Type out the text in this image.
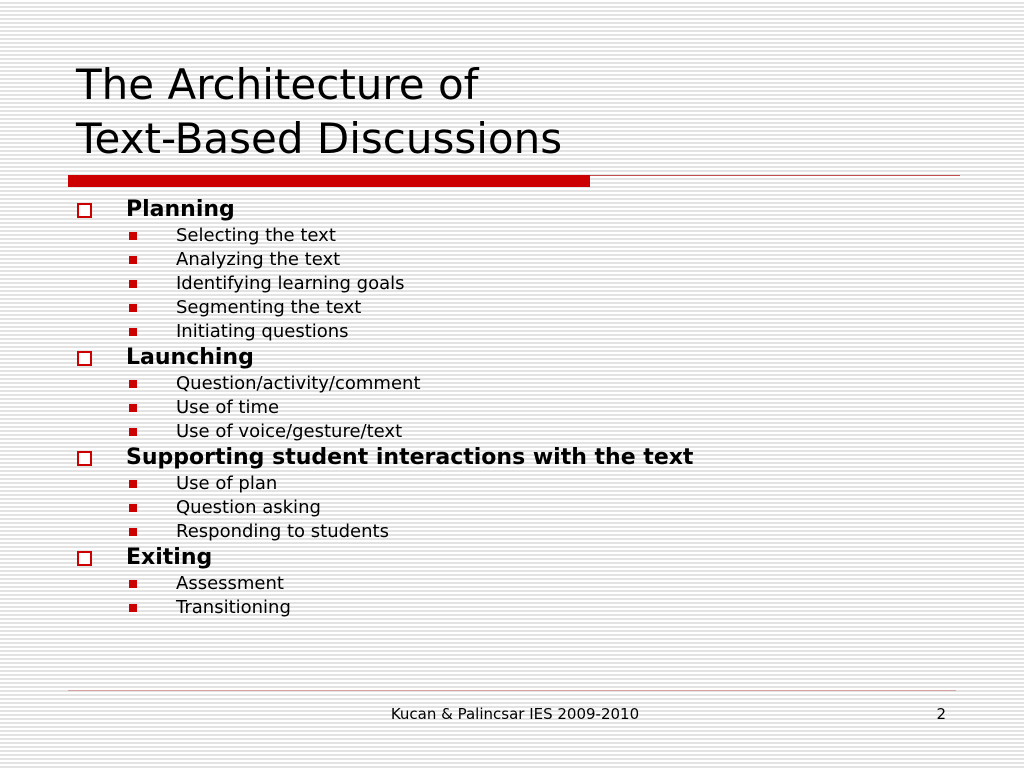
The Architecture of
Text-Based Discussions
Planning
Selecting the text
Analyzing the text
Identifying learning goals
Segmenting the text
Initiating questions
Launching
Question/activity/comment
Use of time
Use of voice/gesture/text
Supporting student interactions with the text
Use of plan
Question asking
Responding to students
Exiting
Assessment
Transitioning
Kucan & Palincsar IES 2009-2010	2
